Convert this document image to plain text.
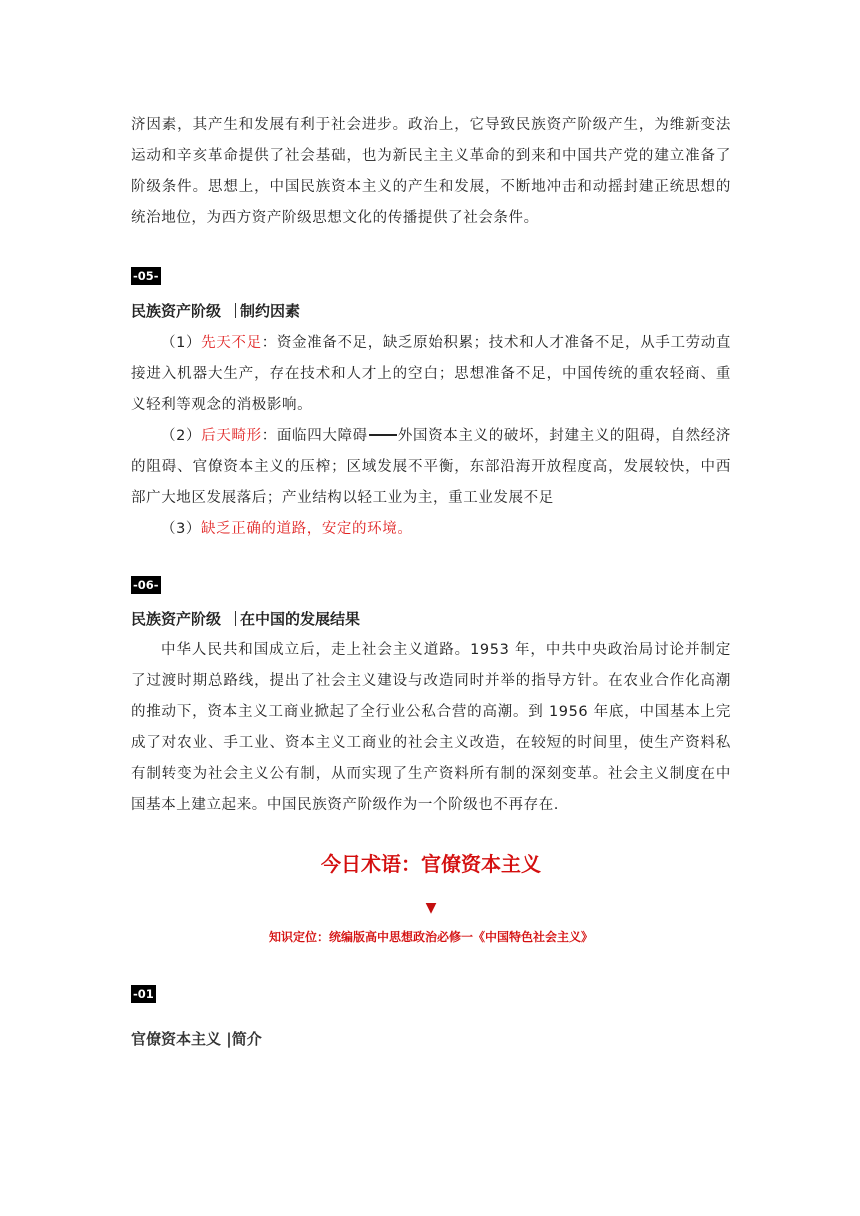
济因素，其产生和发展有利于社会进步。政治上，它导致民族资产阶级产生，为维新变法运动和辛亥革命提供了社会基础，也为新民主主义革命的到来和中国共产党的建立准备了阶级条件。思想上，中国民族资本主义的产生和发展，不断地冲击和动摇封建正统思想的统治地位，为西方资产阶级思想文化的传播提供了社会条件。

-05-
民族资产阶级 制约因素

（1）先天不足：资金准备不足，缺乏原始积累；技术和人才准备不足，从手工劳动直接进入机器大生产，存在技术和人才上的空白；思想准备不足，中国传统的重农轻商、重义轻利等观念的消极影响。

（2）后天畸形：面临四大障碍 外国资本主义的破坏，封建主义的阻碍，自然经济的阻碍、官僚资本主义的压榨；区域发展不平衡，东部沿海开放程度高，发展较快，中西部广大地区发展落后；产业结构以轻工业为主，重工业发展不足

（3）缺乏正确的道路，安定的环境。

-06-
民族资产阶级 在中国的发展结果

中华人民共和国成立后，走上社会主义道路。1953 年，中共中央政治局讨论并制定了过渡时期总路线，提出了社会主义建设与改造同时并举的指导方针。在农业合作化高潮的推动下，资本主义工商业掀起了全行业公私合营的高潮。到 1956 年底，中国基本上完成了对农业、手工业、资本主义工商业的社会主义改造，在较短的时间里，使生产资料私有制转变为社会主义公有制，从而实现了生产资料所有制的深刻变革。社会主义制度在中国基本上建立起来。中国民族资产阶级作为一个阶级也不再存在.

今日术语：官僚资本主义

▼

知识定位：统编版高中思想政治必修一《中国特色社会主义》

-01

官僚资本主义 |简介
